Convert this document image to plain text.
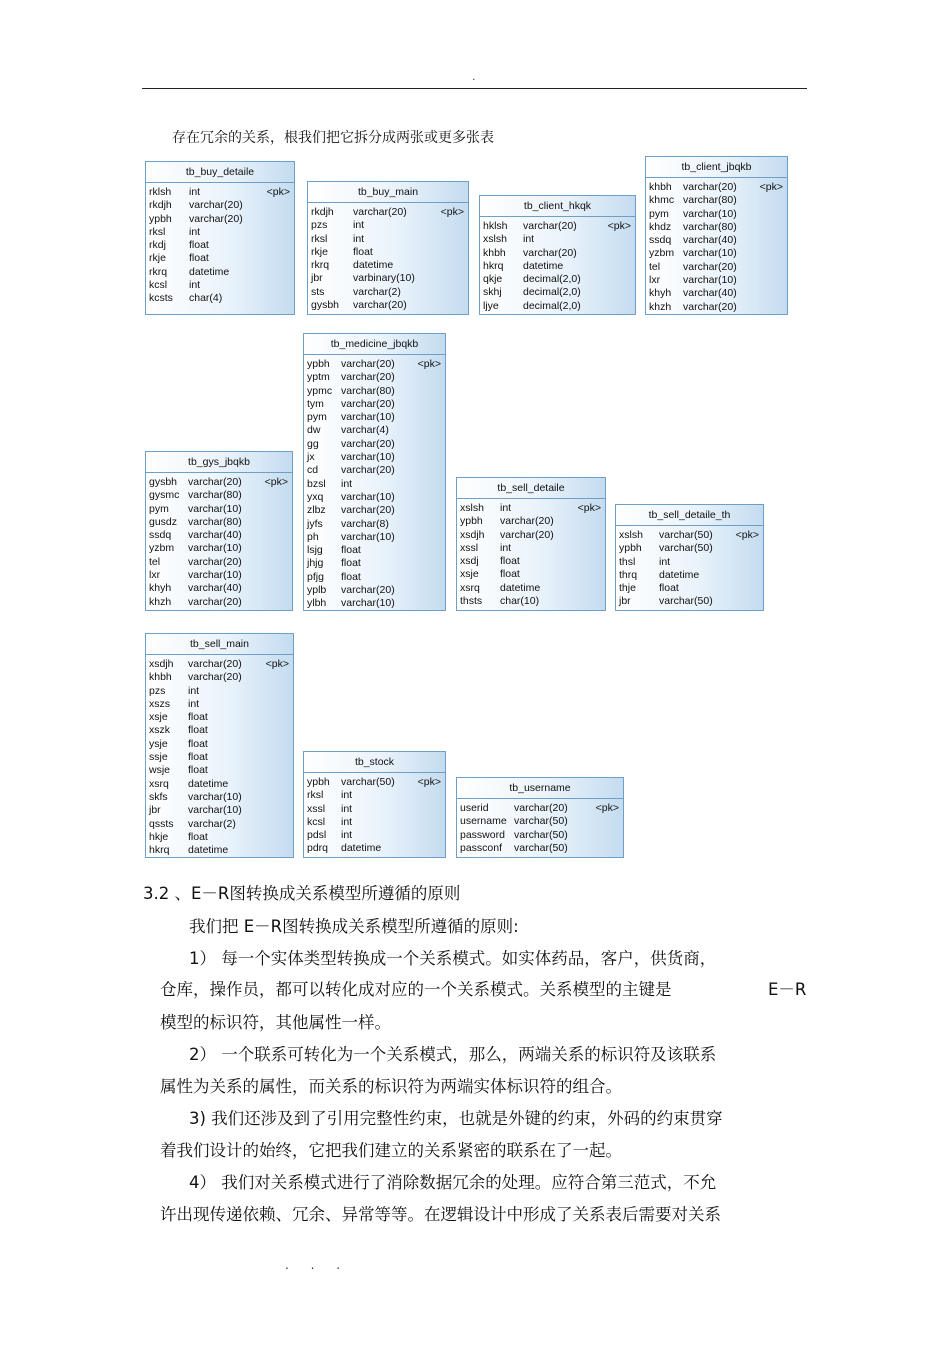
.
存在冗余的关系，根我们把它拆分成两张或更多张表
tb_buy_detaile
rklsh int	<pk>
rkdjh varchar(20)
ypbh varchar(20)
rksl int
rkdj float
rkje float
rkrq datetime
kcsl int
kcsts char(4)
tb_buy_main
rkdjh varchar(20)	<pk>
pzs int
rksl int
rkje float
rkrq datetime
jbr	varbinary(10)
sts	varchar(2)
gysbh varchar(20)
tb_client_hkqk
hklsh varchar(20)	<pk>
xslsh int
khbh varchar(20)
hkrq datetime
qkje decimal(2,0)
skhj decimal(2,0)
ljye decimal(2,0)
tb_client_jbqkb
khbh varchar(20) <pk>
khmc varchar(80)
pym varchar(10)
khdz varchar(80)
ssdq varchar(40)
yzbm varchar(10)
tel varchar(20)
lxr varchar(10)
khyh varchar(40)
khzh varchar(20)
tb_medicine_jbqkb
ypbh varchar(20) <pk>
yptm varchar(20)
ypmc varchar(80)
tym varchar(20)
pym varchar(10)
dw varchar(4)
gg varchar(20)
jx	varchar(10)
cd varchar(20)
bzsl int
yxq varchar(10)
zlbz varchar(20)
jyfs varchar(8)
ph varchar(10)
lsjg float
jhjg float
pfjg float
yplb varchar(20)
ylbh varchar(10)
tb_gys_jbqkb
gysbh varchar(20) <pk>
gysmc varchar(80)
pym varchar(10)
gusdz varchar(80)
ssdq varchar(40)
yzbm varchar(10)
tel	varchar(20)
lxr	varchar(10)
khyh varchar(40)
khzh varchar(20)
tb_sell_detaile
xslsh int	<pk>
ypbh varchar(20)
xsdjh varchar(20)
xssl int
xsdj float
xsje float
xsrq datetime
thsts char(10)
tb_sell_detaile_th
xslsh varchar(50) <pk>
ypbh varchar(50)
thsl int
thrq datetime
thje float
jbr	varchar(50)
tb_sell_main
xsdjh varchar(20) <pk>
khbh varchar(20)
pzs int
xszs int
xsje float
xszk float
ysje float
ssje float
wsje float
xsrq datetime
skfs varchar(10)
jbr	varchar(10)
qssts varchar(2)
hkje float
hkrq datetime
tb_stock
ypbh varchar(50) <pk>
rksl int
xssl int
kcsl int
pdsl int
pdrq datetime
tb_username
userid varchar(20)	<pk>
username varchar(50)
password varchar(50)
passconf varchar(50)
3.2 、E－R图转换成关系模型所遵循的原则
我们把 E－R图转换成关系模型所遵循的原则:
1） 每一个实体类型转换成一个关系模式。如实体药品，客户，供货商，
仓库，操作员，都可以转化成对应的一个关系模式。关系模型的主键是	E－R
模型的标识符，其他属性一样。
2） 一个联系可转化为一个关系模式，那么，两端关系的标识符及该联系
属性为关系的属性，而关系的标识符为两端实体标识符的组合。
3) 我们还涉及到了引用完整性约束，也就是外键的约束，外码的约束贯穿
着我们设计的始终，它把我们建立的关系紧密的联系在了一起。
4） 我们对关系模式进行了消除数据冗余的处理。应符合第三范式，不允
许出现传递依赖、冗余、异常等等。在逻辑设计中形成了关系表后需要对关系
. . .
